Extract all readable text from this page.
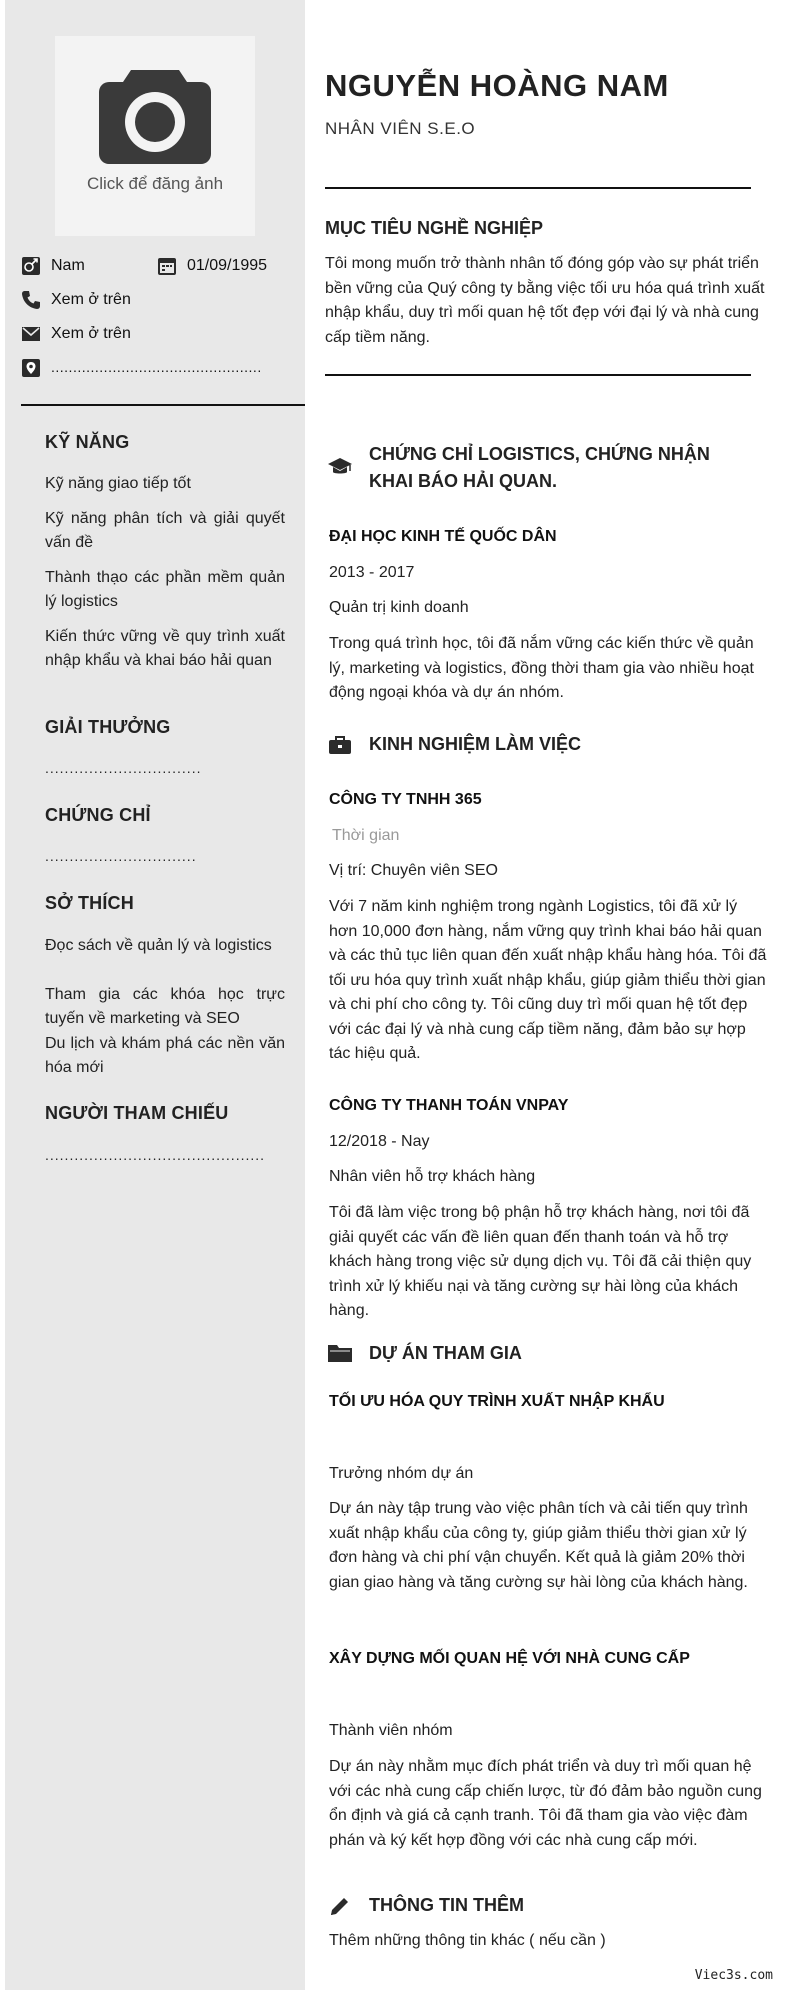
Click để đăng ảnh
Nam	01/09/1995
Xem ở trên
Xem ở trên
................................................
KỸ NĂNG
Kỹ năng giao tiếp tốt
Kỹ năng phân tích và giải quyết vấn đề
Thành thạo các phần mềm quản lý logistics
Kiến thức vững về quy trình xuất nhập khẩu và khai báo hải quan
GIẢI THƯỞNG
................................
CHỨNG CHỈ
...............................
SỞ THÍCH
Đọc sách về quản lý và logistics
Tham gia các khóa học trực tuyến về marketing và SEO
Du lịch và khám phá các nền văn hóa mới
NGƯỜI THAM CHIẾU
.............................................
NGUYỄN HOÀNG NAM
NHÂN VIÊN S.E.O
MỤC TIÊU NGHỀ NGHIỆP
Tôi mong muốn trở thành nhân tố đóng góp vào sự phát triển bền vững của Quý công ty bằng việc tối ưu hóa quá trình xuất nhập khẩu, duy trì mối quan hệ tốt đẹp với đại lý và nhà cung cấp tiềm năng.
CHỨNG CHỈ LOGISTICS, CHỨNG NHẬN KHAI BÁO HẢI QUAN.
ĐẠI HỌC KINH TẾ QUỐC DÂN
2013 - 2017
Quản trị kinh doanh
Trong quá trình học, tôi đã nắm vững các kiến thức về quản lý, marketing và logistics, đồng thời tham gia vào nhiều hoạt động ngoại khóa và dự án nhóm.
KINH NGHIỆM LÀM VIỆC
CÔNG TY TNHH 365
Thời gian
Vị trí: Chuyên viên SEO
Với 7 năm kinh nghiệm trong ngành Logistics, tôi đã xử lý hơn 10,000 đơn hàng, nắm vững quy trình khai báo hải quan và các thủ tục liên quan đến xuất nhập khẩu hàng hóa. Tôi đã tối ưu hóa quy trình xuất nhập khẩu, giúp giảm thiểu thời gian và chi phí cho công ty. Tôi cũng duy trì mối quan hệ tốt đẹp với các đại lý và nhà cung cấp tiềm năng, đảm bảo sự hợp tác hiệu quả.
CÔNG TY THANH TOÁN VNPAY
12/2018 - Nay
Nhân viên hỗ trợ khách hàng
Tôi đã làm việc trong bộ phận hỗ trợ khách hàng, nơi tôi đã giải quyết các vấn đề liên quan đến thanh toán và hỗ trợ khách hàng trong việc sử dụng dịch vụ. Tôi đã cải thiện quy trình xử lý khiếu nại và tăng cường sự hài lòng của khách hàng.
DỰ ÁN THAM GIA
TỐI ƯU HÓA QUY TRÌNH XUẤT NHẬP KHẨU
Trưởng nhóm dự án
Dự án này tập trung vào việc phân tích và cải tiến quy trình xuất nhập khẩu của công ty, giúp giảm thiểu thời gian xử lý đơn hàng và chi phí vận chuyển. Kết quả là giảm 20% thời gian giao hàng và tăng cường sự hài lòng của khách hàng.
XÂY DỰNG MỐI QUAN HỆ VỚI NHÀ CUNG CẤP
Thành viên nhóm
Dự án này nhằm mục đích phát triển và duy trì mối quan hệ với các nhà cung cấp chiến lược, từ đó đảm bảo nguồn cung ổn định và giá cả cạnh tranh. Tôi đã tham gia vào việc đàm phán và ký kết hợp đồng với các nhà cung cấp mới.
THÔNG TIN THÊM
Thêm những thông tin khác ( nếu cần )
Viec3s.com
